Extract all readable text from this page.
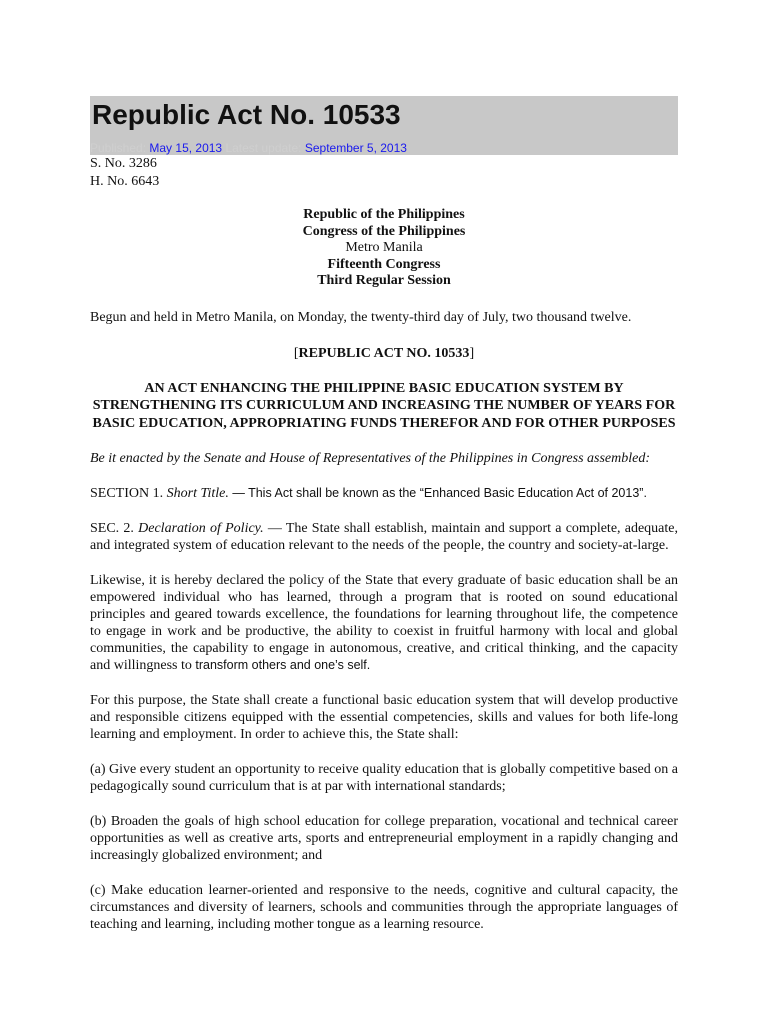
Republic Act No. 10533
Published: May 15, 2013 Latest update: September 5, 2013
S. No. 3286
H. No. 6643
Republic of the Philippines
Congress of the Philippines
Metro Manila
Fifteenth Congress
Third Regular Session

Begun and held in Metro Manila, on Monday, the twenty-third day of July, two thousand twelve.

[REPUBLIC ACT NO. 10533]

AN ACT ENHANCING THE PHILIPPINE BASIC EDUCATION SYSTEM BY STRENGTHENING ITS CURRICULUM AND INCREASING THE NUMBER OF YEARS FOR BASIC EDUCATION, APPROPRIATING FUNDS THEREFOR AND FOR OTHER PURPOSES

Be it enacted by the Senate and House of Representatives of the Philippines in Congress assembled:

SECTION 1. Short Title. — This Act shall be known as the “Enhanced Basic Education Act of 2013”.

SEC. 2. Declaration of Policy. — The State shall establish, maintain and support a complete, adequate, and integrated system of education relevant to the needs of the people, the country and society-at-large.

Likewise, it is hereby declared the policy of the State that every graduate of basic education shall be an empowered individual who has learned, through a program that is rooted on sound educational principles and geared towards excellence, the foundations for learning throughout life, the competence to engage in work and be productive, the ability to coexist in fruitful harmony with local and global communities, the capability to engage in autonomous, creative, and critical thinking, and the capacity and willingness to transform others and one’s self.

For this purpose, the State shall create a functional basic education system that will develop productive and responsible citizens equipped with the essential competencies, skills and values for both life-long learning and employment. In order to achieve this, the State shall:

(a) Give every student an opportunity to receive quality education that is globally competitive based on a pedagogically sound curriculum that is at par with international standards;

(b) Broaden the goals of high school education for college preparation, vocational and technical career opportunities as well as creative arts, sports and entrepreneurial employment in a rapidly changing and increasingly globalized environment; and

(c) Make education learner-oriented and responsive to the needs, cognitive and cultural capacity, the circumstances and diversity of learners, schools and communities through the appropriate languages of teaching and learning, including mother tongue as a learning resource.
